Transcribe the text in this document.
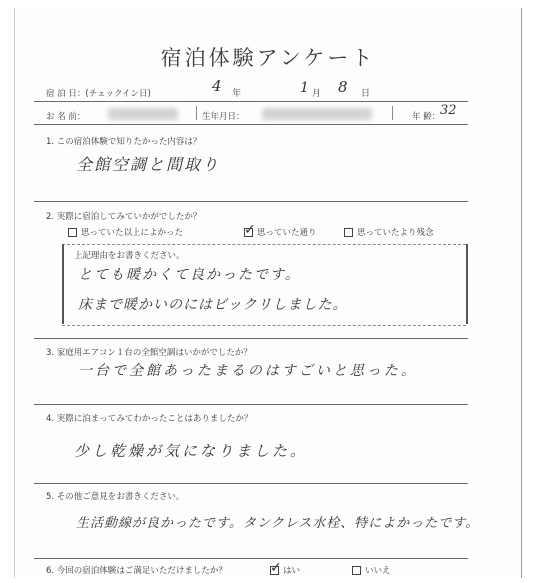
宿泊体験アンケート
宿 泊 日：(チェックイン日)	4 年	1 月 8 日
お 名 前：	生年月日：	年 齢： 32
1. この宿泊体験で知りたかった内容は？
全館空調と間取り
2. 実際に宿泊してみていかがでしたか？
思っていた以上によかった	✓ 思っていた通り	思っていたより残念
上記理由をお書きください。
とても暖かくて良かったです。
床まで暖かいのにはビックリしました。
3. 家庭用エアコン１台の全館空調はいかがでしたか？
一台で全館あったまるのはすごいと思った。
4. 実際に泊まってみてわかったことはありましたか？
少し乾燥が気になりました。
5. その他ご意見をお書きください。
生活動線が良かったです。タンクレス水栓、特によかったです。
6. 今回の宿泊体験はご満足いただけましたか？	✓ はい	いいえ
